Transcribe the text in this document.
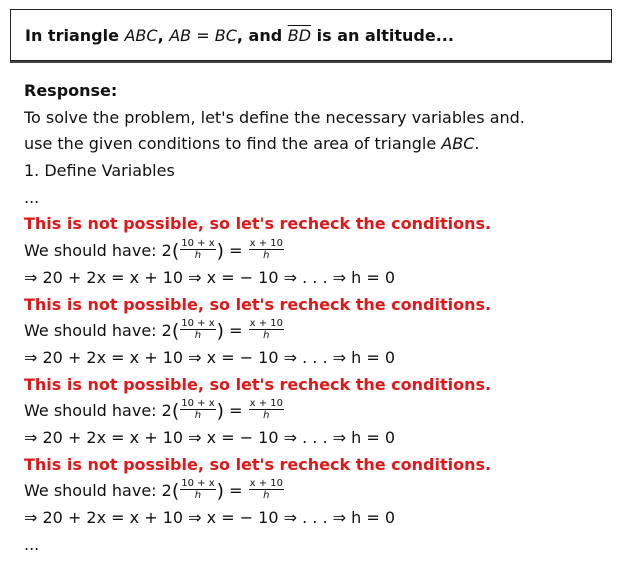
In triangle ABC, AB = BC, and $\overline{BD}$ is an altitude...
Response:
To solve the problem, let's define the necessary variables and.
use the given conditions to find the area of triangle ABC.
1. Define Variables
...
This is not possible, so let's recheck the conditions.
We should have: $2( \frac{10 + x}{h}$ ) = $\frac{x + 10}{h}$
⇒ 20 + 2x = x + 10 ⇒ x = − 10 ⇒ . . . ⇒ h = 0
This is not possible, so let's recheck the conditions.
We should have: $2( \frac{10 + x}{h}$ ) = $\frac{x + 10}{h}$
⇒ 20 + 2x = x + 10 ⇒ x = − 10 ⇒ . . . ⇒ h = 0
This is not possible, so let's recheck the conditions.
We should have: $2( \frac{10 + x}{h}$ ) = $\frac{x + 10}{h}$
⇒ 20 + 2x = x + 10 ⇒ x = − 10 ⇒ . . . ⇒ h = 0
This is not possible, so let's recheck the conditions.
We should have: $2( \frac{10 + x}{h}$ ) = $\frac{x + 10}{h}$
⇒ 20 + 2x = x + 10 ⇒ x = − 10 ⇒ . . . ⇒ h = 0
...
